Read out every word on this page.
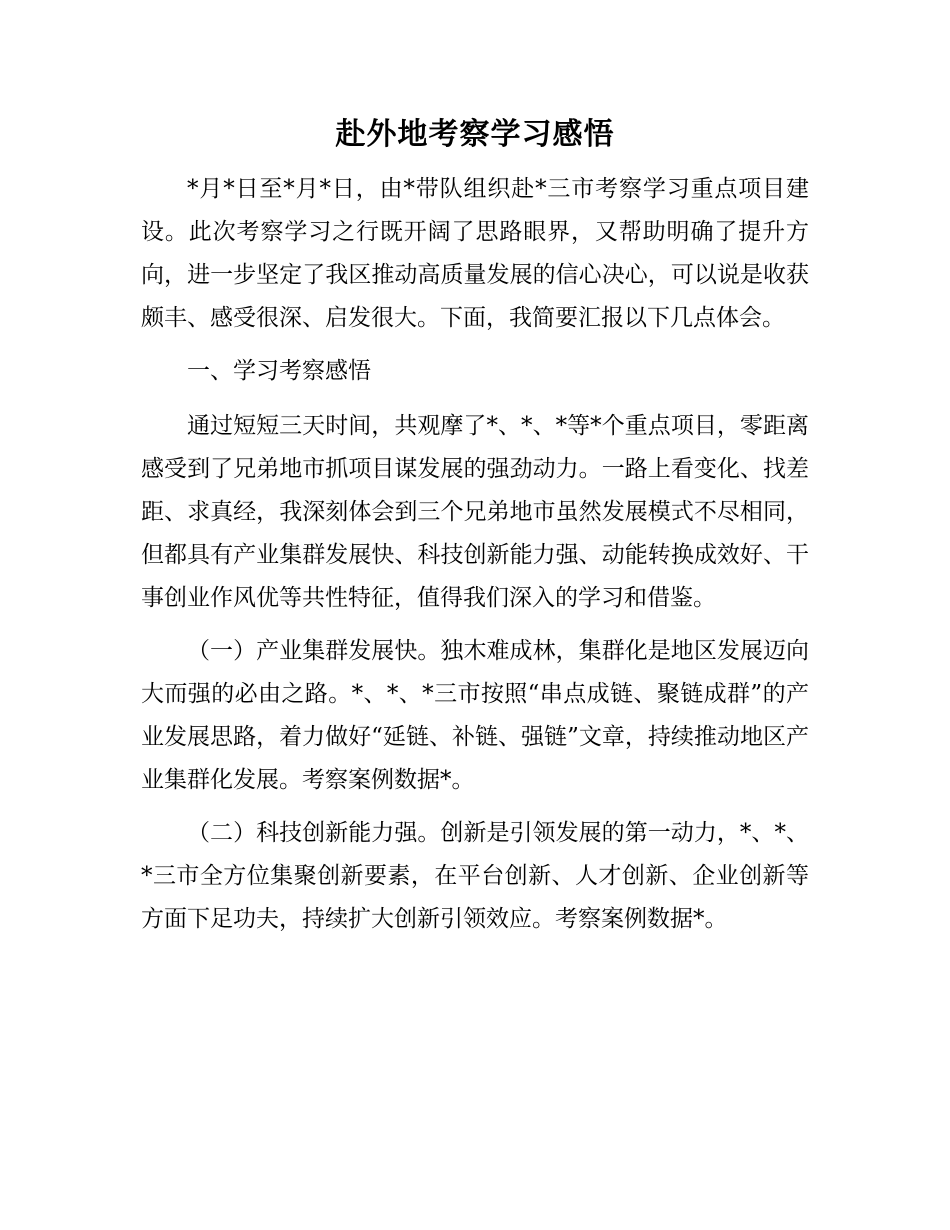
赴外地考察学习感悟

*月*日至*月*日，由*带队组织赴*三市考察学习重点项目建设。此次考察学习之行既开阔了思路眼界，又帮助明确了提升方向，进一步坚定了我区推动高质量发展的信心决心，可以说是收获颇丰、感受很深、启发很大。下面，我简要汇报以下几点体会。

一、学习考察感悟

通过短短三天时间，共观摩了*、*、*等*个重点项目，零距离感受到了兄弟地市抓项目谋发展的强劲动力。一路上看变化、找差距、求真经，我深刻体会到三个兄弟地市虽然发展模式不尽相同，但都具有产业集群发展快、科技创新能力强、动能转换成效好、干事创业作风优等共性特征，值得我们深入的学习和借鉴。

（一）产业集群发展快。独木难成林，集群化是地区发展迈向大而强的必由之路。*、*、*三市按照“串点成链、聚链成群”的产业发展思路，着力做好“延链、补链、强链”文章，持续推动地区产业集群化发展。考察案例数据*。

（二）科技创新能力强。创新是引领发展的第一动力，*、*、*三市全方位集聚创新要素，在平台创新、人才创新、企业创新等方面下足功夫，持续扩大创新引领效应。考察案例数据*。
